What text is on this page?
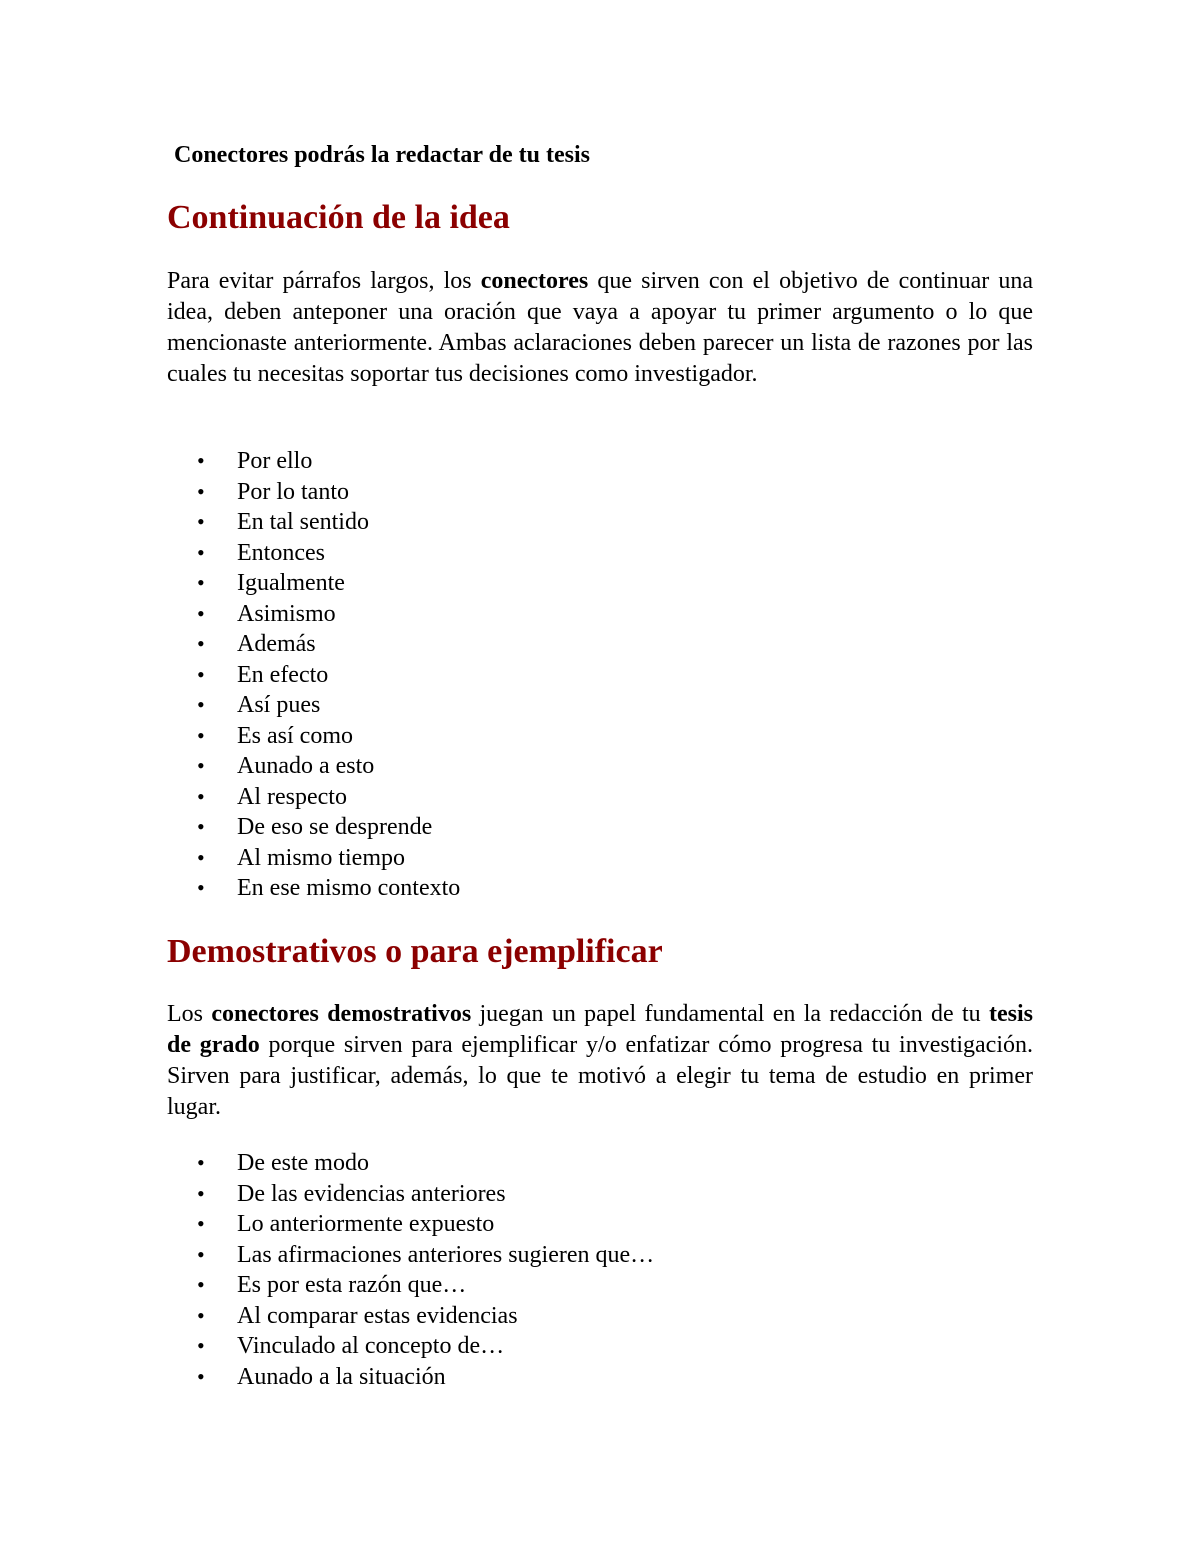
Conectores podrás la redactar de tu tesis
Continuación de la idea

Para evitar párrafos largos, los conectores que sirven con el objetivo de continuar una idea, deben anteponer una oración que vaya a apoyar tu primer argumento o lo que mencionaste anteriormente. Ambas aclaraciones deben parecer un lista de razones por las cuales tu necesitas soportar tus decisiones como investigador.

• Por ello
• Por lo tanto
• En tal sentido
• Entonces
• Igualmente
• Asimismo
• Además
• En efecto
• Así pues
• Es así como
• Aunado a esto
• Al respecto
• De eso se desprende
• Al mismo tiempo
• En ese mismo contexto
Demostrativos o para ejemplificar

Los conectores demostrativos juegan un papel fundamental en la redacción de tu tesis de grado porque sirven para ejemplificar y/o enfatizar cómo progresa tu investigación. Sirven para justificar, además, lo que te motivó a elegir tu tema de estudio en primer lugar.

• De este modo
• De las evidencias anteriores
• Lo anteriormente expuesto
• Las afirmaciones anteriores sugieren que…
• Es por esta razón que…
• Al comparar estas evidencias
• Vinculado al concepto de…
• Aunado a la situación
